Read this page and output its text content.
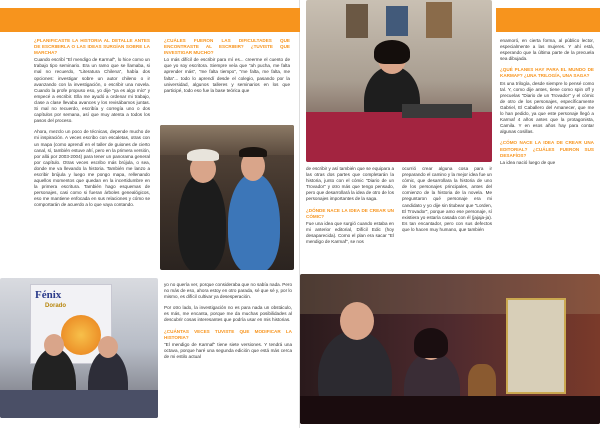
¿PLANIFICASTE LA HISTORIA AL DETALLE ANTES DE ESCRIBIRLA O LAS IDEAS SURGÍAN SOBRE LA MARCHA?
Cuando escribí "El mendigo de Karmaf", lo hice como un trabajo tipo seminario. Era un ramo que se llamaba, si mal no recuerdo, "Literatura Chilena", había dos opciones: investigar sobre un autor chileno o ir avanzando con la investigación, o escribir una novela. Cuando la profe propuso eso, yo dije "ya es algo mío" y empecé a escribir. Ella me ayudó a ordenar mi trabajo, clase a clase llevaba avances y los revisábamos juntas. Si mal no recuerdo, escribía y corregía uno o dos capítulos por semana, así que muy atenta a todos los pasos del proceso.
Ahora, mezclo un poco de técnicas, depende mucho de mi inspiración. A veces escribo con escaletas, otras con un mapa (como aprendí en el taller de guiones de cierto canal, sí, también estuve ahí, pero en la primera versión, por allá por 2003-2004) para tener un panorama general por capítulo. Otras veces escribo más brújula, o sea, donde me va llevando la historia. También me lanzo a escribir brújula y luego me pongo mapa, rellenando aquellos momentos que quedan en la incertidumbre en la primera escritura. También hago esquemas de personajes, casi como si fueran árboles genealógicos, eso me mantiene enfocada en sus relaciones y cómo se comportarán de acuerdo a lo que vaya contando.
¿CUÁLES FUERON LAS DIFICULTADES QUE ENCONTRASTE AL ESCRIBIR? ¿TUVISTE QUE INVESTIGAR MUCHO?
Lo más difícil de escribir para mí es... creerme el cuento de que yo soy escritora. Siempre veía que "ah pucha, me falta aprender más", "me falta tiempo", "me falta, me falta, me falta"... todo lo aprendí desde el colegio, pasando por la universidad, algunos talleres y seminarios en los que participé, todo eso fue la base teórica que
Fénix
Dorado
yo no quería ver, porque consideraba que no sabía nada. Pero no más de eso, ahora estoy en otro parada, sé que sé y, por lo mismo, es difícil cultivar ya desesperación.
Por otro lado, la investigación no es para nada un obstáculo, es más, me encanta, porque me da muchas posibilidades al descubrir cosas interesantes que podría usar en mis historias.
¿CUÁNTAS VECES TUVISTE QUE MODIFICAR LA HISTORIA?
"El mendigo de Karmaf" tiene siete versiones. Y tendrá una octava, porque haré una segunda edición que está más cerca de mi estilo actual
de escribir y así también que se equipara a las otras dos partes que completarán la historia, junto con el cómic "Diario de un Trovador" y otro más que tengo pensado, pero que desarrollará la idea de otro de los personajes importantes de la saga.
¿DÓNDE NACE LA IDEA DE CREAR UN CÓMIC?
Fue una idea que surgió cuando estaba en mi anterior editorial, Difícil Edic (hoy desaparecida). Como el plan era sacar "El mendigo de Karmaf", se nos
ocurrió crear alguna cosa para ir preparando el camino y la mejor idea fue un cómic, que desarrollara la historia de uno de los personajes principales, antes del comienzo de la historia de la novela. Me preguntaron qué personaje era mi candidato y yo dije sin titubear que "Lorden, El Trovador", porque amo ese personaje, sí existiera yo estaría casada con él (jajaja-ja). Es tan encantador, pero con sus defectos que lo hacen muy humano, que también
enamoró, en cierta forma, al público lector, especialmente a las mujeres. Y ahí está, esperando que la última parte de la precuela sea dibujada.
¿QUÉ PLANES HAY PARA EL MUNDO DE KARMAF? ¿UNA TRILOGÍA, UNA SAGA?
Es una trilogía, desde siempre lo pensé como tal. Y, como dije antes, tiene como spin off y precuelas "Diario de un Trovador" y el cómic de otro de los personajes, específicamente Gabriel, El Caballero del Amanecer, que me lo han pedido, ya que este personaje llegó a Karmaf 4 años antes que la protagonista, Camila. Y en esos años hay para contar algunas cosillas.
¿CÓMO NACE LA IDEA DE CREAR UNA EDITORIAL? ¿CUÁLES FUERON SUS DESAFÍOS?
La idea nació luego de que
